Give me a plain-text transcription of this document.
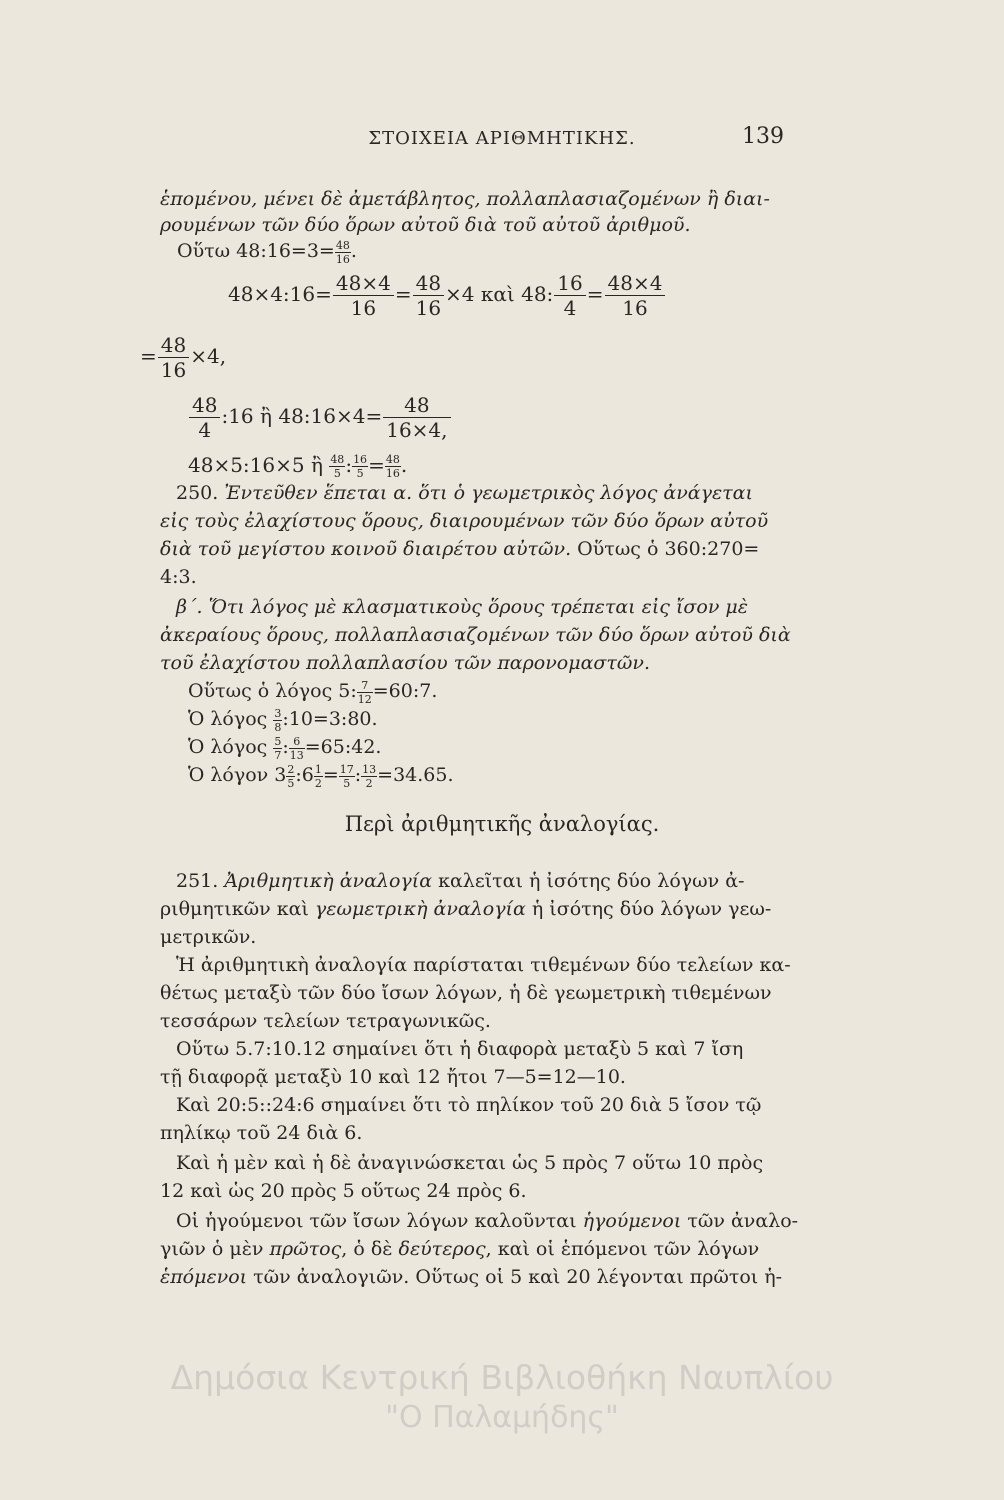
ΣΤΟΙΧΕΙΑ ΑΡΙΘΜΗΤΙΚΗΣ.	139
ἑπομένου, μένει δὲ ἀμετάβλητος, πολλαπλασιαζομένων ἢ διαι-
ρουμένων τῶν δύο ὅρων αὐτοῦ διὰ τοῦ αὐτοῦ ἀριθμοῦ.
Οὕτω 48:16=3= $\frac{48}{16}$ .
48×4:16= $\frac{48\times 4}{16} = \frac{48}{16} \times 4$ καὶ 48: $\frac{16}{4} = \frac{48\times 4}{16}$
= $\frac{48}{16} \times 4$,
$\frac{48}{4}$ :16 ἢ 48:16×4= $\frac{48}{16\times 4,}$
48×5:16×5 ἢ $\frac{48}{5}$ : $\frac{16}{5} = \frac{48}{16}$ .
250. Ἐντεῦθεν ἕπεται α. ὅτι ὁ γεωμετρικὸς λόγος ἀνάγεται
εἰς τοὺς ἐλαχίστους ὅρους, διαιρουμένων τῶν δύο ὅρων αὐτοῦ
διὰ τοῦ μεγίστου κοινοῦ διαιρέτου αὐτῶν. Οὕτως ὁ 360:270=
4:3.
β΄. Ὅτι λόγος μὲ κλασματικοὺς ὅρους τρέπεται εἰς ἴσον μὲ
ἀκεραίους ὅρους, πολλαπλασιαζομένων τῶν δύο ὅρων αὐτοῦ διὰ
τοῦ ἐλαχίστου πολλαπλασίου τῶν παρονομαστῶν.
Οὕτως ὁ λόγος 5: $\frac{7}{12}$ =60:7.
Ὁ λόγος $\frac{3}{8}$ :10=3:80.
Ὁ λόγος $\frac{5}{7}$ : $\frac{6}{13}$ =65:42.
Ὁ λόγον $3 \frac{2}{5}$ :6 $\frac{1}{2} = \frac{17}{5}$ : $\frac{13}{2} =34.65$.
Περὶ ἀριθμητικῆς ἀναλογίας.
251. Ἀριθμητικὴ ἀναλογία καλεῖται ἡ ἰσότης δύο λόγων ἀ-
ριθμητικῶν καὶ γεωμετρικὴ ἀναλογία ἡ ἰσότης δύο λόγων γεω-
μετρικῶν.
Ἡ ἀριθμητικὴ ἀναλογία παρίσταται τιθεμένων δύο τελείων κα-
θέτως μεταξὺ τῶν δύο ἴσων λόγων, ἡ δὲ γεωμετρικὴ τιθεμένων
τεσσάρων τελείων τετραγωνικῶς.
Οὕτω 5.7:10.12 σημαίνει ὅτι ἡ διαφορὰ μεταξὺ 5 καὶ 7 ἴση
τῇ διαφορᾷ μεταξὺ 10 καὶ 12 ἤτοι 7—5=12—10.
Καὶ 20:5::24:6 σημαίνει ὅτι τὸ πηλίκον τοῦ 20 διὰ 5 ἴσον τῷ
πηλίκῳ τοῦ 24 διὰ 6.
Καὶ ἡ μὲν καὶ ἡ δὲ ἀναγινώσκεται ὡς 5 πρὸς 7 οὕτω 10 πρὸς
12 καὶ ὡς 20 πρὸς 5 οὕτως 24 πρὸς 6.
Οἱ ἡγούμενοι τῶν ἴσων λόγων καλοῦνται ἡγούμενοι τῶν ἀναλο-
γιῶν ὁ μὲν πρῶτος, ὁ δὲ δεύτερος, καὶ οἱ ἑπόμενοι τῶν λόγων
ἑπόμενοι τῶν ἀναλογιῶν. Οὕτως οἱ 5 καὶ 20 λέγονται πρῶτοι ἡ-
Δημόσια Κεντρική Βιβλιοθήκη Ναυπλίου
"Ο Παλαμήδης"
